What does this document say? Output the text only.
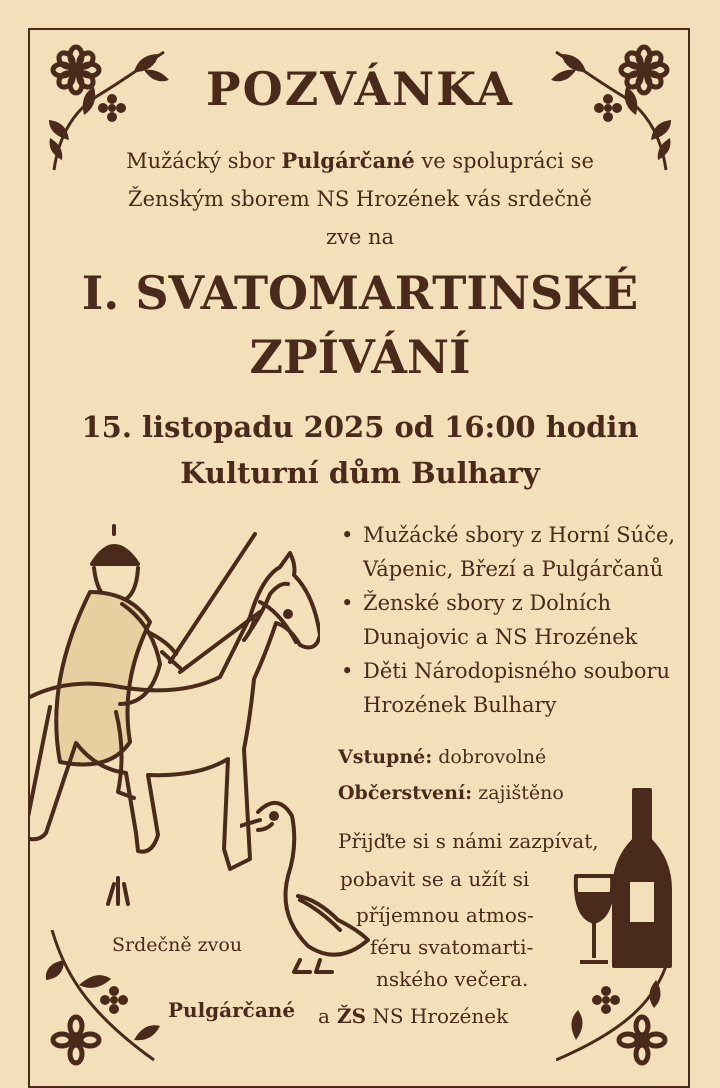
POZVÁNKA
Mužácký sbor Pulgárčané ve spolupráci se
Ženským sborem NS Hrozének vás srdečně
zve na
I. SVATOMARTINSKÉ
ZPÍVÁNÍ
15. listopadu 2025 od 16:00 hodin
Kulturní dům Bulhary
• Mužácké sbory z Horní Súče,
Vápenic, Březí a Pulgárčanů
• Ženské sbory z Dolních
Dunajovic a NS Hrozének
• Děti Národopisného souboru
Hrozének Bulhary
Vstupné: dobrovolné
Občerstvení: zajištěno
Přijďte si s námi zazpívat,
pobavit se a užít si
příjemnou atmos-
féru svatomarti-
nského večera.
Srdečně zvou
Pulgárčané a ŽS NS Hrozének
